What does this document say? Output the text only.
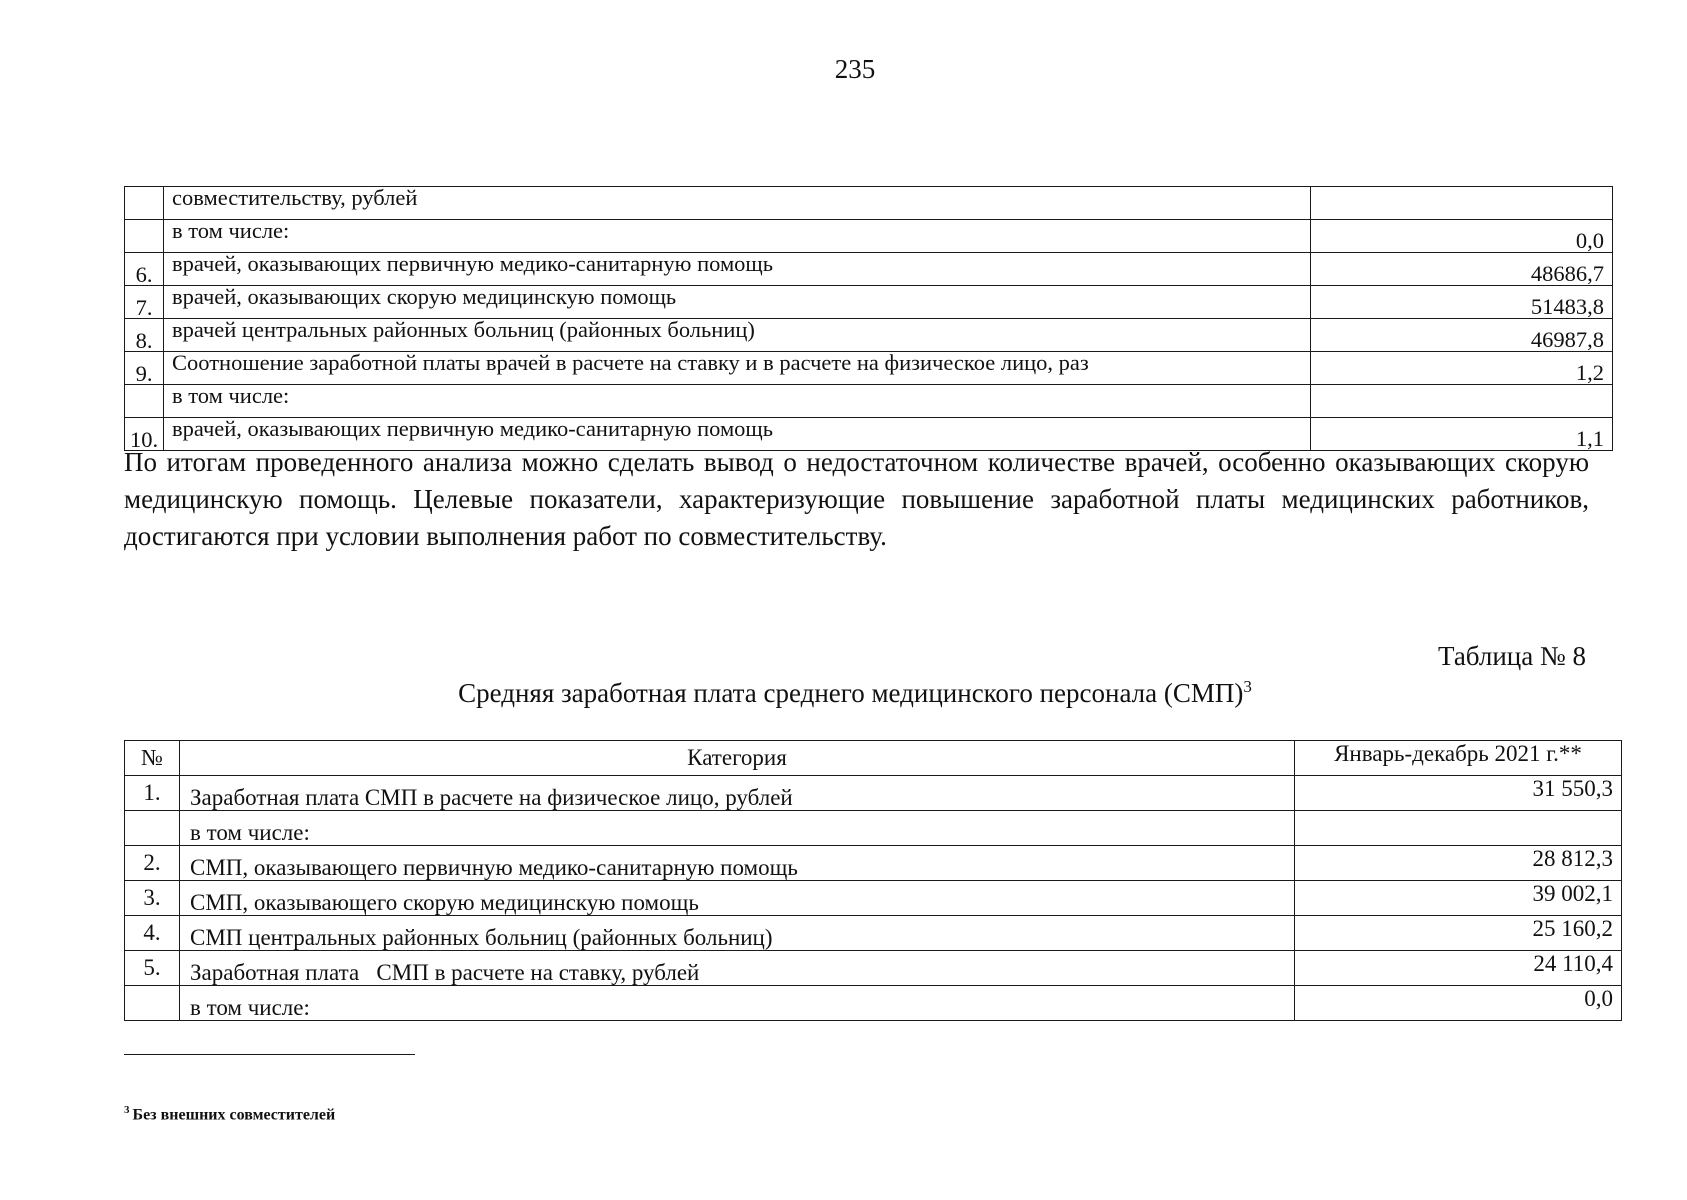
235
	совместительству, рублей	
	в том числе:	0,0
6.	врачей, оказывающих первичную медико-санитарную помощь	48686,7
7.	врачей, оказывающих скорую медицинскую помощь	51483,8
8.	врачей центральных районных больниц (районных больниц)	46987,8
9.	Соотношение заработной платы врачей в расчете на ставку и в расчете на физическое лицо, раз	1,2
	в том числе:	
10.	врачей, оказывающих первичную медико-санитарную помощь	1,1

По итогам проведенного анализа можно сделать вывод о недостаточном количестве врачей, особенно оказывающих скорую медицинскую помощь. Целевые показатели, характеризующие повышение заработной платы медицинских работников, достигаются при условии выполнения работ по совместительству.

Таблица № 8
Средняя заработная плата среднего медицинского персонала (СМП)$^3$
№	Категория	Январь-декабрь 2021 г.**
1.	Заработная плата СМП в расчете на физическое лицо, рублей	31 550,3
	в том числе:	
2.	СМП, оказывающего первичную медико-санитарную помощь	28 812,3
3.	СМП, оказывающего скорую медицинскую помощь	39 002,1
4.	СМП центральных районных больниц (районных больниц)	25 160,2
5.	Заработная плата   СМП в расчете на ставку, рублей	24 110,4
	в том числе:	0,0
$^3$ Без внешних совместителей
